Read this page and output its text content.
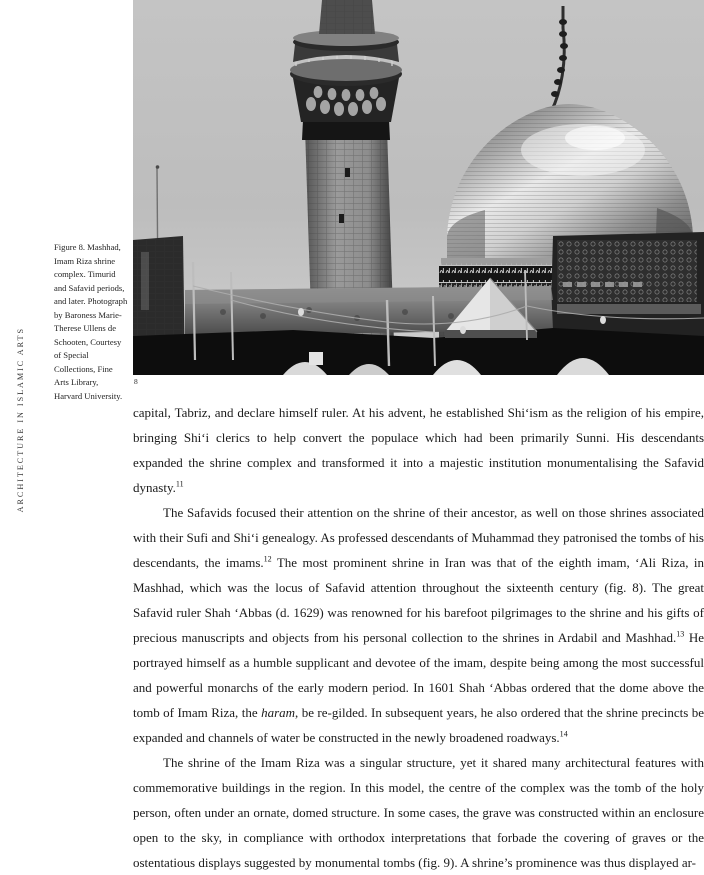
ARCHITECTURE IN ISLAMIC ARTS	8
Figure 8. Mashhad, Imam Riza shrine complex. Timurid and Safavid periods, and later. Photograph by Baroness Marie-Therese Ullens de Schooten, Courtesy of Special Collections, Fine Arts Library, Harvard University.

capital, Tabriz, and declare himself ruler. At his advent, he established Shi‘ism as the religion of his empire, bringing Shi‘i clerics to help convert the populace which had been primarily Sunni. His descendants expanded the shrine complex and transformed it into a majestic institution monumentalising the Safavid dynasty.$^{11}$

The Safavids focused their attention on the shrine of their ancestor, as well on those shrines associated with their Sufi and Shi‘i genealogy. As professed descendants of Muhammad they patronised the tombs of his descendants, the imams.$^{12}$ The most prominent shrine in Iran was that of the eighth imam, ‘Ali Riza, in Mashhad, which was the locus of Safavid attention throughout the sixteenth century (fig. 8). The great Safavid ruler Shah ‘Abbas (d. 1629) was renowned for his barefoot pilgrimages to the shrine and his gifts of precious manuscripts and objects from his personal collection to the shrines in Ardabil and Mashhad.$^{13}$ He portrayed himself as a humble supplicant and devotee of the imam, despite being among the most successful and powerful monarchs of the early modern period. In 1601 Shah ‘Abbas ordered that the dome above the tomb of Imam Riza, the haram, be re-gilded. In subsequent years, he also ordered that the shrine precincts be expanded and channels of water be constructed in the newly broadened roadways.$^{14}$

The shrine of the Imam Riza was a singular structure, yet it shared many architectural features with commemorative buildings in the region. In this model, the centre of the complex was the tomb of the holy person, often under an ornate, domed structure. In some cases, the grave was constructed within an enclosure open to the sky, in compliance with orthodox interpretations that forbade the covering of graves or the ostentatious displays suggested by monumental tombs (fig. 9). A shrine’s prominence was thus displayed ar-
